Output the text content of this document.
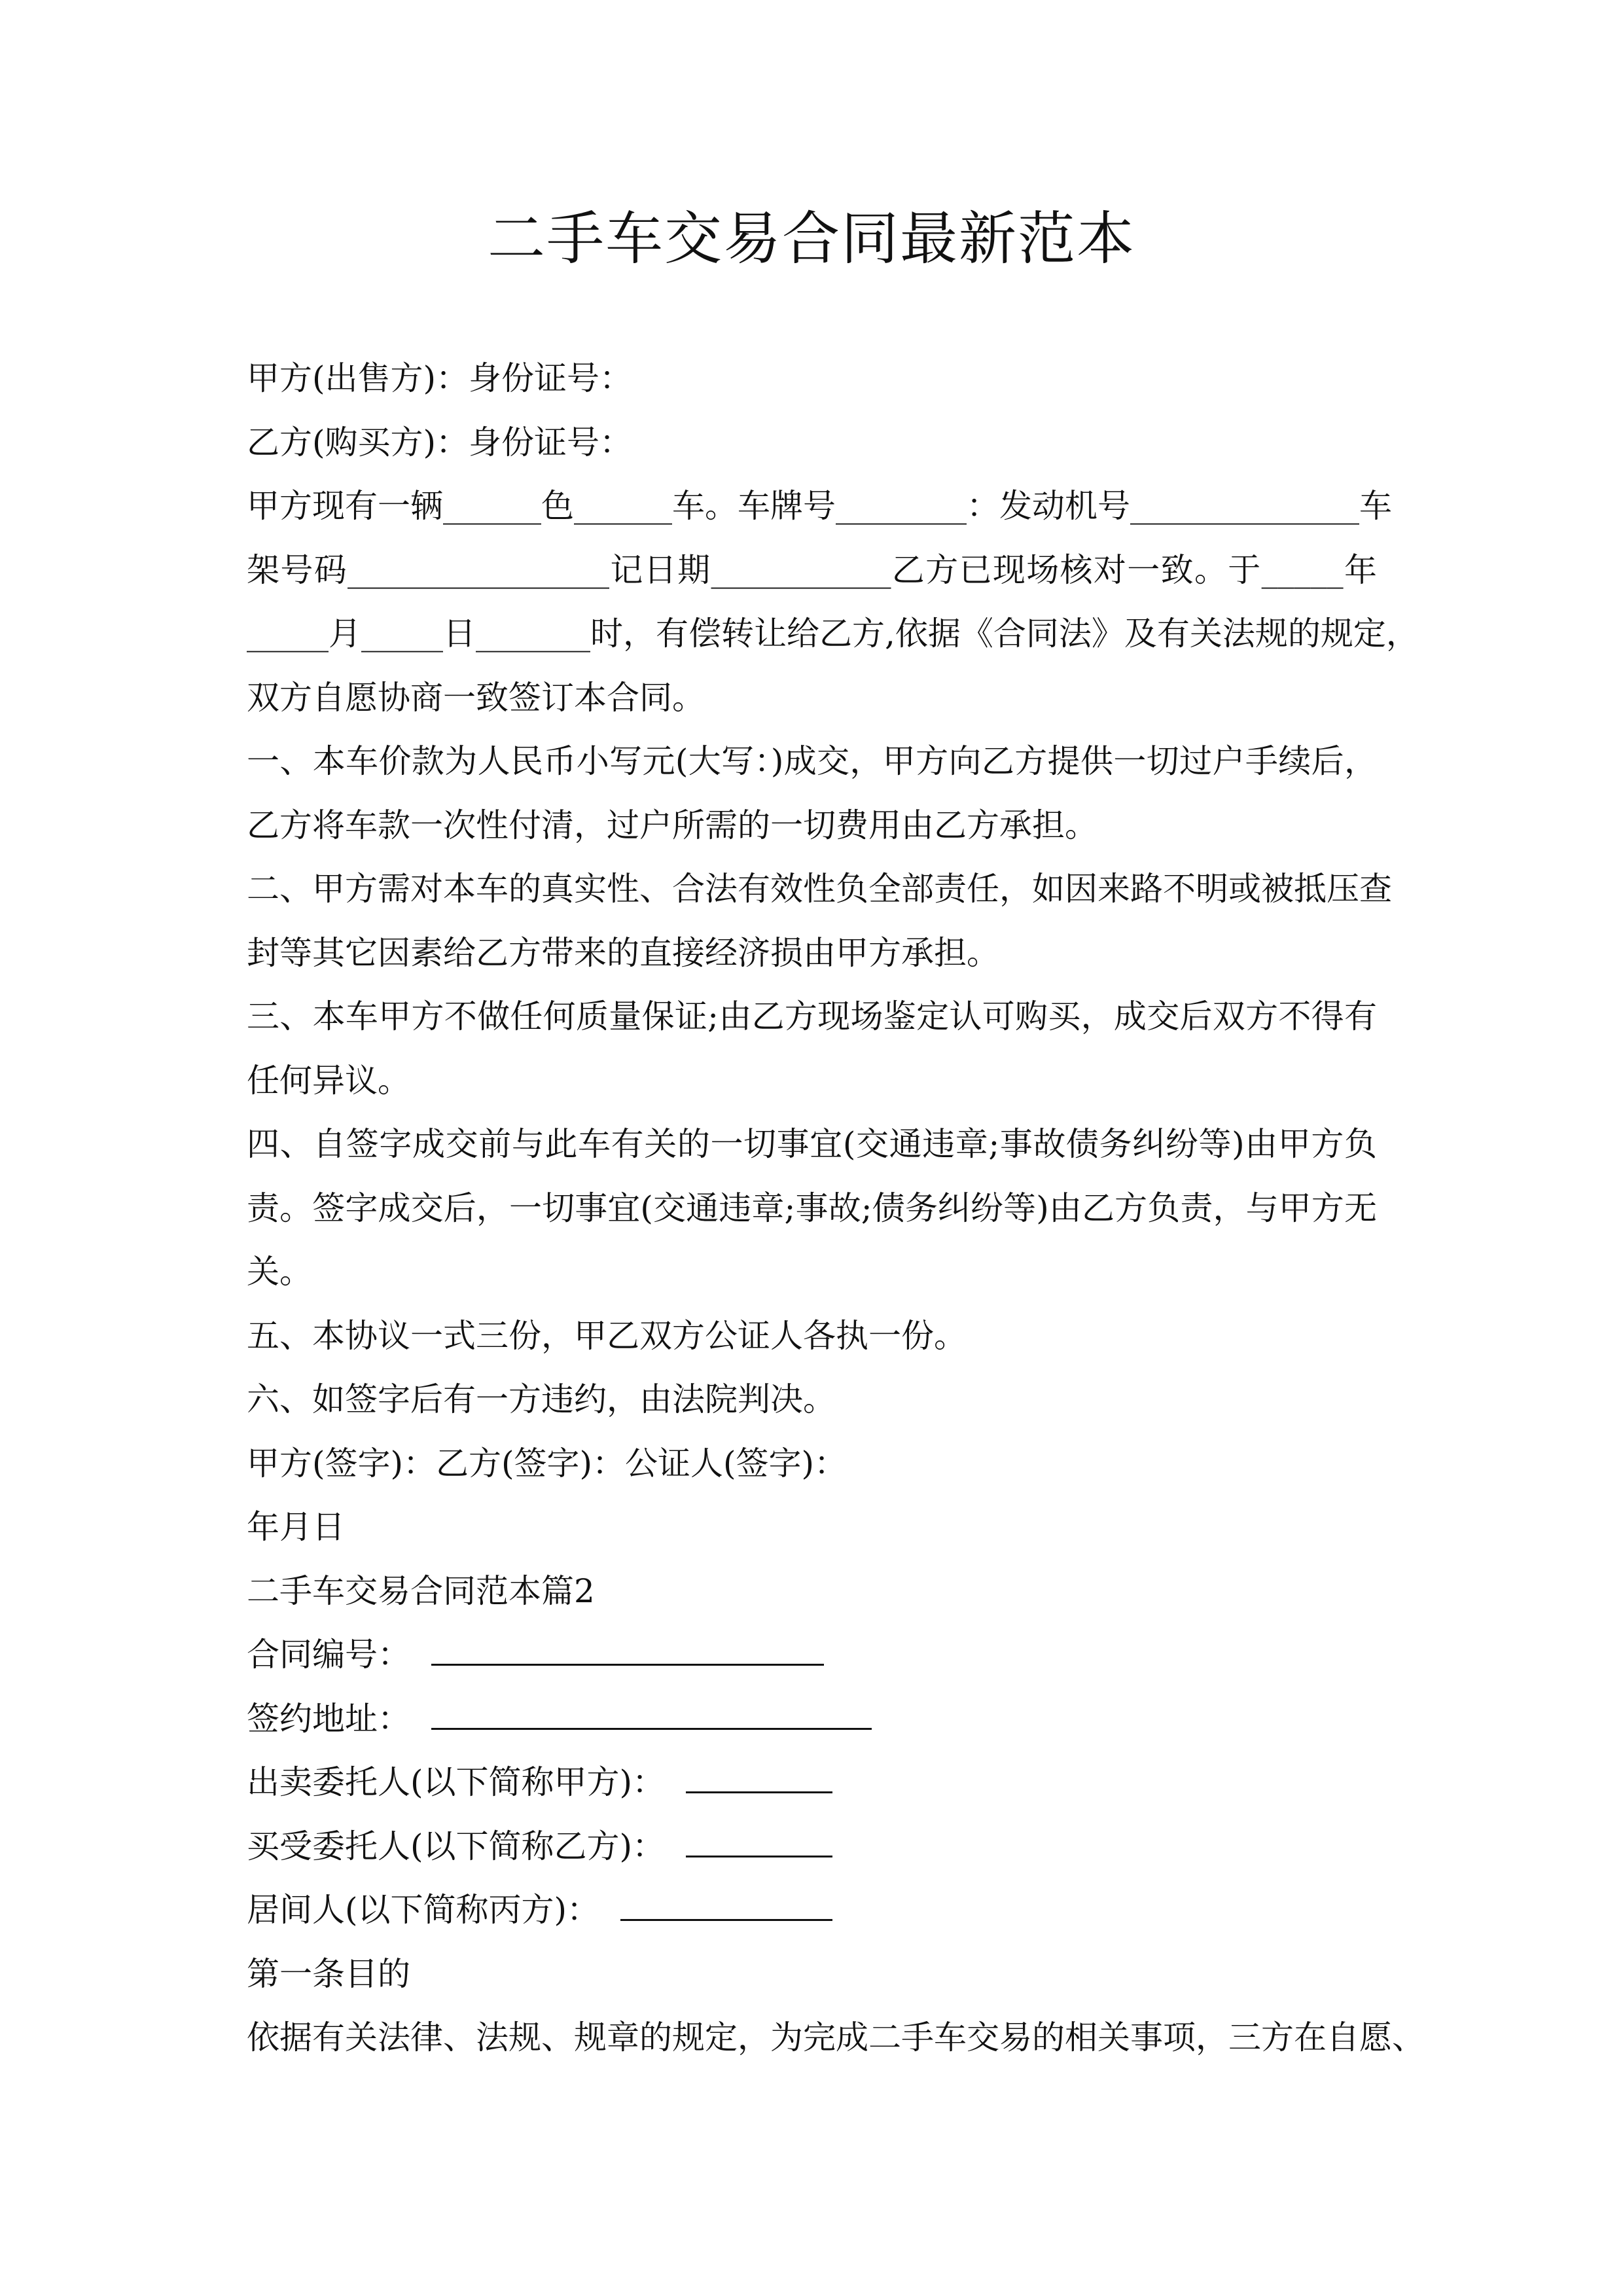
二手车交易合同最新范本
甲方(出售方)：身份证号：
乙方(购买方)：身份证号：
甲方现有一辆______色______车。车牌号________：发动机号______________车
架号码________________记日期___________乙方已现场核对一致。于_____年
_____月_____日_______时，有偿转让给乙方,依据《合同法》及有关法规的规定，
双方自愿协商一致签订本合同。
一、本车价款为人民币小写元(大写：)成交，甲方向乙方提供一切过户手续后，
乙方将车款一次性付清，过户所需的一切费用由乙方承担。
二、甲方需对本车的真实性、合法有效性负全部责任，如因来路不明或被抵压查
封等其它因素给乙方带来的直接经济损由甲方承担。
三、本车甲方不做任何质量保证;由乙方现场鉴定认可购买，成交后双方不得有
任何异议。
四、自签字成交前与此车有关的一切事宜(交通违章;事故债务纠纷等)由甲方负
责。签字成交后，一切事宜(交通违章;事故;债务纠纷等)由乙方负责，与甲方无
关。
五、本协议一式三份，甲乙双方公证人各执一份。
六、如签字后有一方违约，由法院判决。
甲方(签字)：乙方(签字)：公证人(签字)：
年月日
二手车交易合同范本篇2
合同编号：
签约地址：
出卖委托人(以下简称甲方)：
买受委托人(以下简称乙方)：
居间人(以下简称丙方)：
第一条目的
依据有关法律、法规、规章的规定，为完成二手车交易的相关事项，三方在自愿、
